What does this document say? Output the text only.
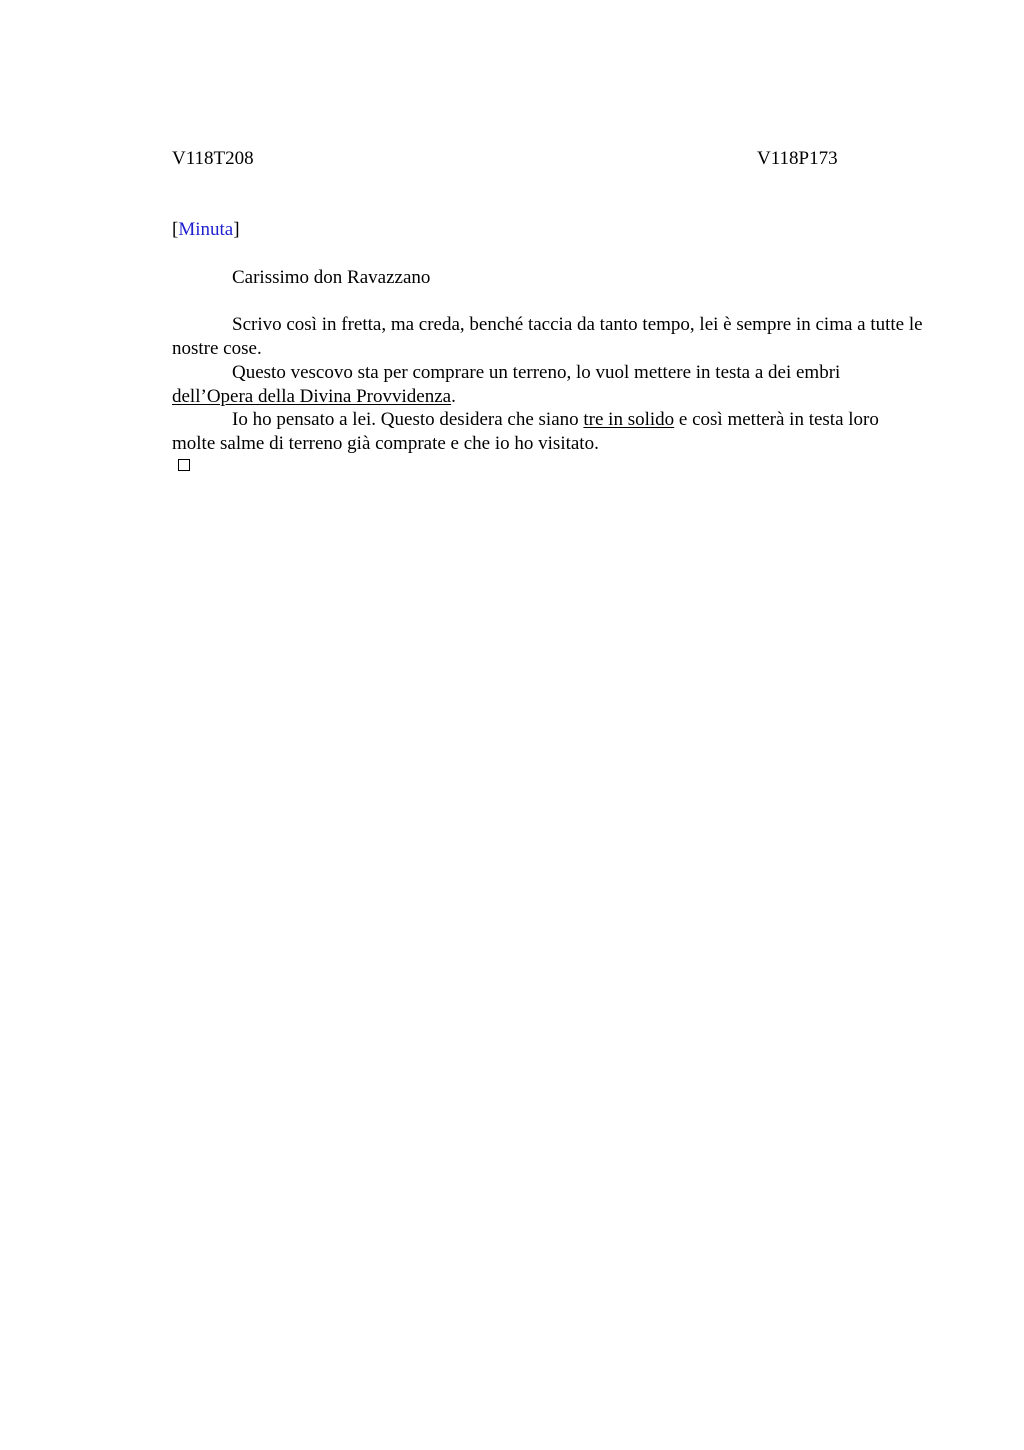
V118T208	V118P173
[Minuta]

Carissimo don Ravazzano

Scrivo così in fretta, ma creda, benché taccia da tanto tempo, lei è sempre in cima a tutte le nostre cose.

Questo vescovo sta per comprare un terreno, lo vuol mettere in testa a dei embri dell’Opera della Divina Provvidenza.

Io ho pensato a lei. Questo desidera che siano tre in solido e così metterà in testa loro molte salme di terreno già comprate e che io ho visitato.
